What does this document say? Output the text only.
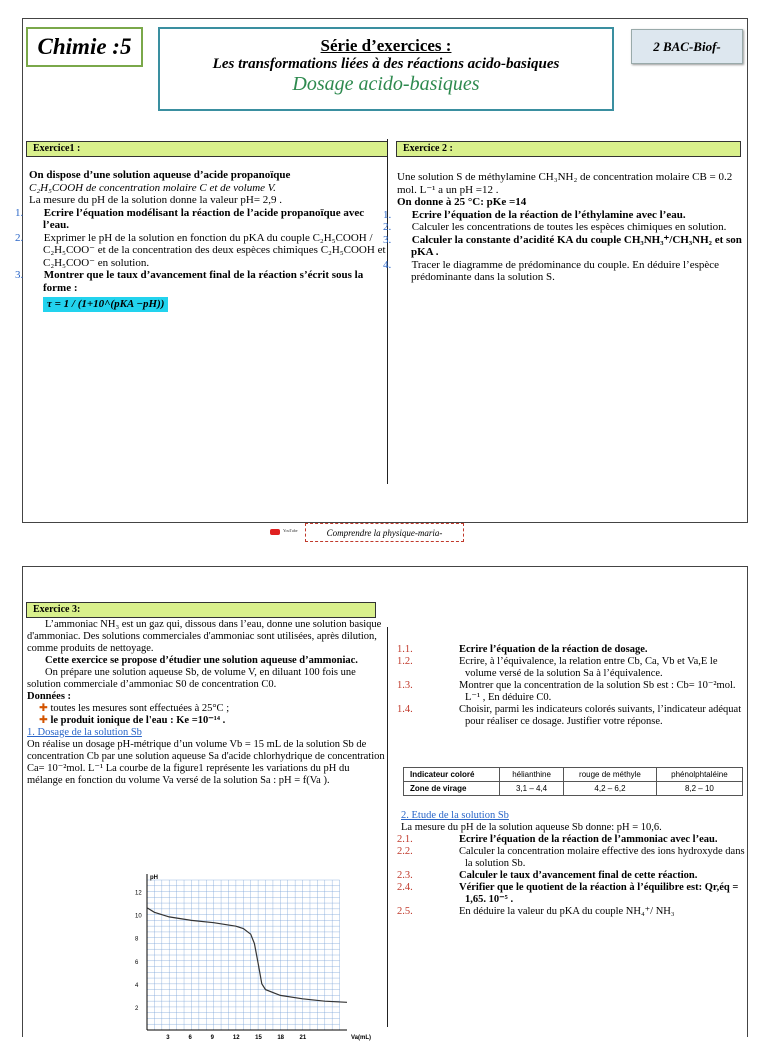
Chimie :5	Série d’exercices :
Les transformations liées à des réactions acido-basiques
Dosage acido-basiques
2 BAC-Biof-
Exercice1 :

On dispose d’une solution aqueuse d’acide propanoïque

C₂H₅COOH de concentration molaire C et de volume V.

La mesure du pH de la solution donne la valeur pH= 2,9 .

1. Ecrire l’équation modélisant la réaction de l’acide propanoïque avec l’eau.

2. Exprimer le pH de la solution en fonction du pKA du couple C₂H₅COOH / C₂H₅COO⁻ et de la concentration des deux espèces chimiques C₂H₅COOH et C₂H₅COO⁻ en solution.

3. Montrer que le taux d’avancement final de la réaction s’écrit sous la forme :

τ = 1 / (1+10^(pKA −pH))

Exercice 2 :

Une solution S de méthylamine CH₃NH₂ de concentration molaire CB = 0.2 mol. L⁻¹ a un pH =12 .

On donne à 25 °C: pKe =14

1. Ecrire l’équation de la réaction de l’éthylamine avec l’eau.

2. Calculer les concentrations de toutes les espèces chimiques en solution.

3. Calculer la constante d’acidité KA du couple CH₃NH₃⁺/CH₃NH₂ et son pKA .

4. Tracer le diagramme de prédominance du couple. En déduire l’espèce prédominante dans la solution S.

YouTube	Comprendre la physique-maria-
Exercice 3:

L’ammoniac NH₃ est un gaz qui, dissous dans l’eau, donne une solution basique d'ammoniac. Des solutions commerciales d'ammoniac sont utilisées, après dilution, comme produits de nettoyage.

Cette exercice se propose d’étudier une solution aqueuse d’ammoniac.

On prépare une solution aqueuse Sb, de volume V, en diluant 100 fois une solution commerciale d’ammoniac S0 de concentration C0.

Données :

✚ toutes les mesures sont effectuées à 25°C ;

✚ le produit ionique de l'eau : Ke =10⁻¹⁴ .

1. Dosage de la solution Sb

On réalise un dosage pH-métrique d’un volume Vb = 15 mL de la solution Sb de concentration Cb par une solution aqueuse Sa d'acide chlorhydrique de concentration Ca= 10⁻²mol. L⁻¹ La courbe de la figure1 représente les variations du pH du mélange en fonction du volume Va versé de la solution Sa : pH = f(Va ).

2
4
6
8
10
12
3	6	9	12	15	18	21
pH
Va(mL)

1.1.	Ecrire l’équation de la réaction de dosage.

1.2.	Ecrire, à l’équivalence, la relation entre Cb, Ca, Vb et Va,E le volume versé de la solution Sa à l’équivalence.

1.3.	Montrer que la concentration de la solution Sb est : Cb= 10⁻²mol. L⁻¹ , En déduire C0.

1.4.	Choisir, parmi les indicateurs colorés suivants, l’indicateur adéquat pour réaliser ce dosage. Justifier votre réponse.

Indicateur coloré	hélianthine	rouge de méthyle	phénolphtaléine
Zone de virage	3,1 – 4,4	4,2 – 6,2	8,2 – 10

2. Etude de la solution Sb

La mesure du pH de la solution aqueuse Sb donne: pH = 10,6.

2.1.	Ecrire l’équation de la réaction de l’ammoniac avec l’eau.

2.2.	Calculer la concentration molaire effective des ions hydroxyde dans la solution Sb.

2.3.	Calculer le taux d’avancement final de cette réaction.

2.4.	Vérifier que le quotient de la réaction à l’équilibre est: Qr,éq = 1,65. 10⁻⁵ .

2.5.	En déduire la valeur du pKA du couple NH₄⁺/ NH₃
